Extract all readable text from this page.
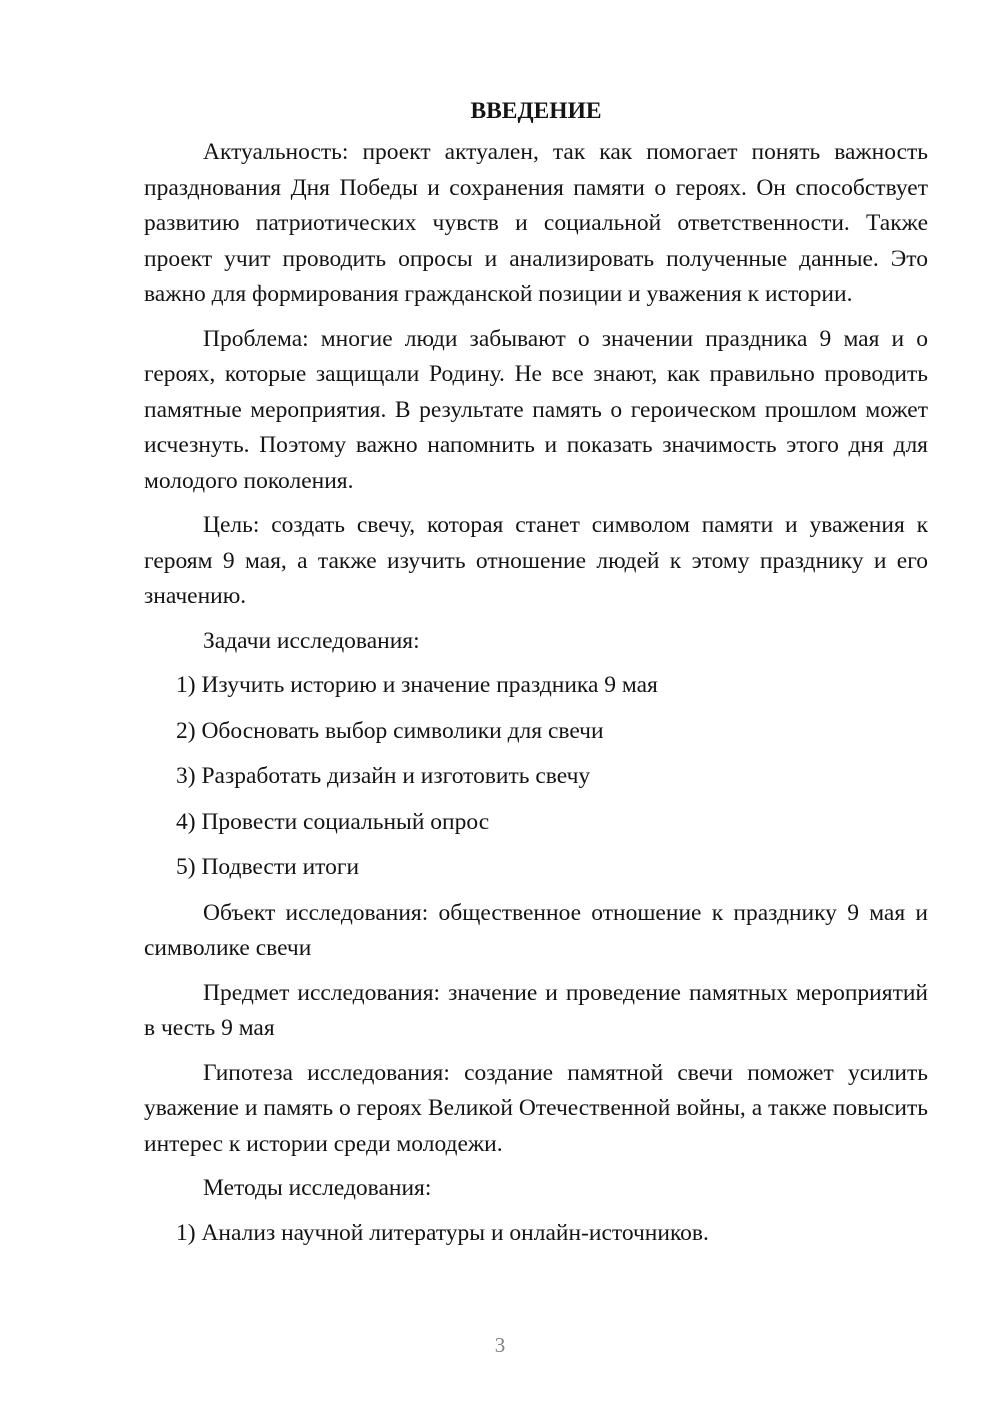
ВВЕДЕНИЕ
Актуальность: проект актуален, так как помогает понять важность празднования Дня Победы и сохранения памяти о героях. Он способствует развитию патриотических чувств и социальной ответственности. Также проект учит проводить опросы и анализировать полученные данные. Это важно для формирования гражданской позиции и уважения к истории.
Проблема: многие люди забывают о значении праздника 9 мая и о героях, которые защищали Родину. Не все знают, как правильно проводить памятные мероприятия. В результате память о героическом прошлом может исчезнуть. Поэтому важно напомнить и показать значимость этого дня для молодого поколения.
Цель: создать свечу, которая станет символом памяти и уважения к героям 9 мая, а также изучить отношение людей к этому празднику и его значению.
Задачи исследования:
1) Изучить историю и значение праздника 9 мая
2) Обосновать выбор символики для свечи
3) Разработать дизайн и изготовить свечу
4) Провести социальный опрос
5) Подвести итоги
Объект исследования: общественное отношение к празднику 9 мая и символике свечи
Предмет исследования: значение и проведение памятных мероприятий в честь 9 мая
Гипотеза исследования: создание памятной свечи поможет усилить уважение и память о героях Великой Отечественной войны, а также повысить интерес к истории среди молодежи.
Методы исследования:
1) Анализ научной литературы и онлайн-источников.
3
